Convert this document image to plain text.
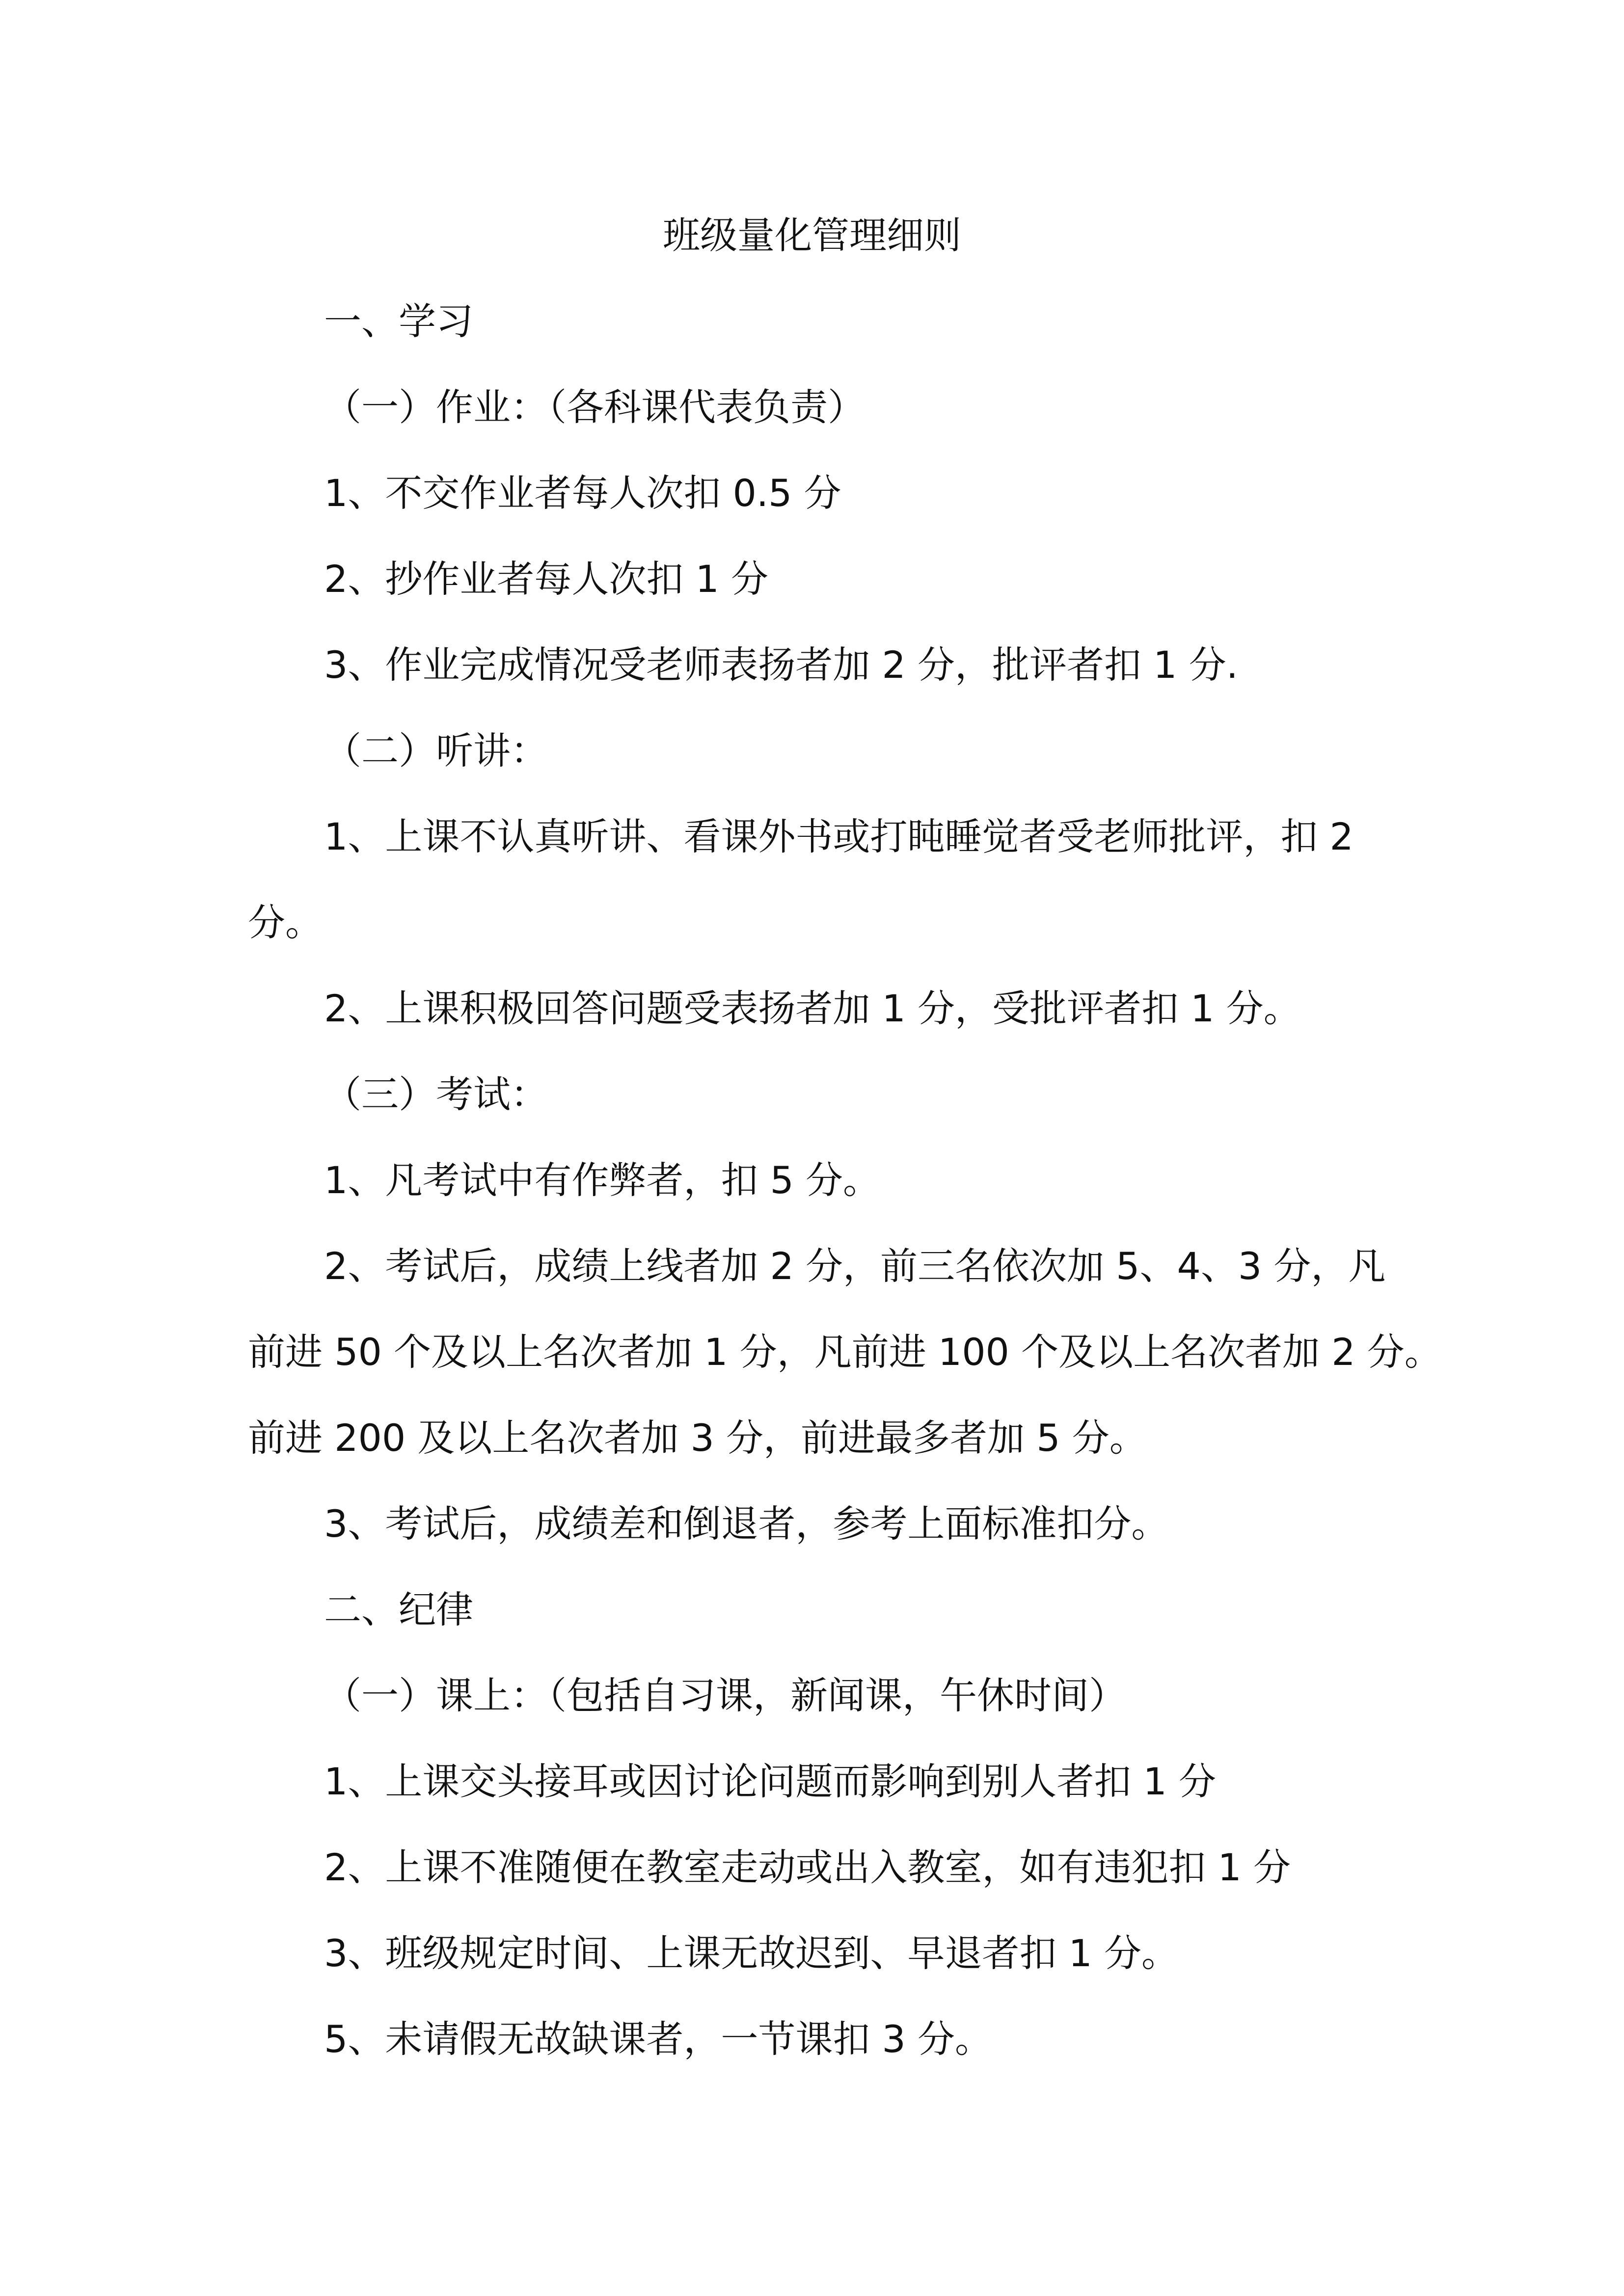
班级量化管理细则
一、学习
（一）作业：（各科课代表负责）
1、不交作业者每人次扣 0.5 分
2、抄作业者每人次扣 1 分
3、作业完成情况受老师表扬者加 2 分，批评者扣 1 分.
（二）听讲：
1、上课不认真听讲、看课外书或打盹睡觉者受老师批评，扣 2
分。
2、上课积极回答问题受表扬者加 1 分，受批评者扣 1 分。
（三）考试：
1、凡考试中有作弊者，扣 5 分。
2、考试后，成绩上线者加 2 分，前三名依次加 5、4、3 分，凡
前进 50 个及以上名次者加 1 分，凡前进 100 个及以上名次者加 2 分。
前进 200 及以上名次者加 3 分，前进最多者加 5 分。
3、考试后，成绩差和倒退者，参考上面标准扣分。
二、纪律
（一）课上：（包括自习课，新闻课，午休时间）
1、上课交头接耳或因讨论问题而影响到别人者扣 1 分
2、上课不准随便在教室走动或出入教室，如有违犯扣 1 分
3、班级规定时间、上课无故迟到、早退者扣 1 分。
5、未请假无故缺课者，一节课扣 3 分。
